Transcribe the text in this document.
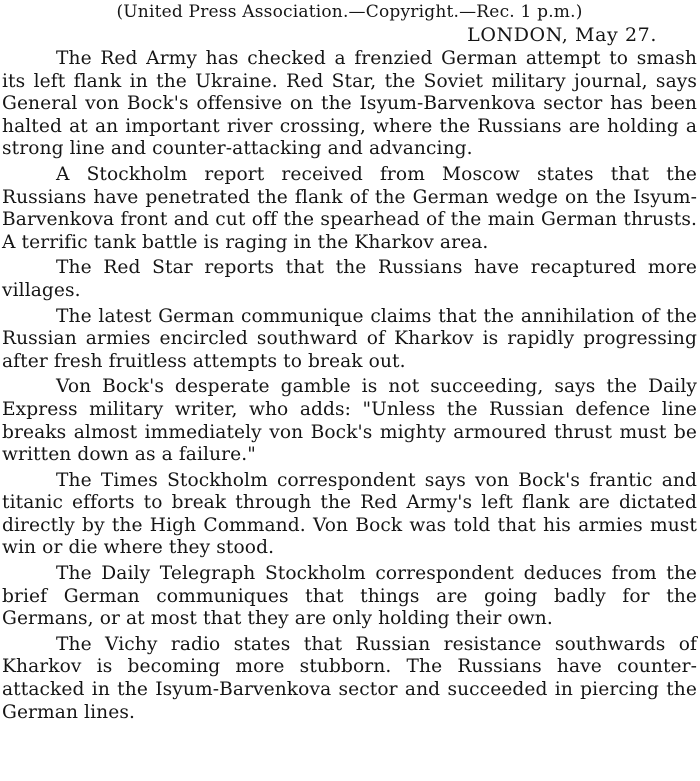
(United Press Association.—Copyright.—Rec. 1 p.m.)
LONDON, May 27.

The Red Army has checked a frenzied German attempt to smash its left flank in the Ukraine. Red Star, the Soviet military journal, says General von Bock's offensive on the Isyum-Barvenkova sector has been halted at an important river crossing, where the Russians are holding a strong line and counter-attacking and advancing.

A Stockholm report received from Moscow states that the Russians have penetrated the flank of the German wedge on the Isyum-Barvenkova front and cut off the spearhead of the main German thrusts. A terrific tank battle is raging in the Kharkov area.

The Red Star reports that the Russians have recaptured more villages.

The latest German communique claims that the annihilation of the Russian armies encircled southward of Kharkov is rapidly progressing after fresh fruitless attempts to break out.

Von Bock's desperate gamble is not succeeding, says the Daily Express military writer, who adds: "Unless the Russian defence line breaks almost immediately von Bock's mighty armoured thrust must be written down as a failure."

The Times Stockholm correspondent says von Bock's frantic and titanic efforts to break through the Red Army's left flank are dictated directly by the High Command. Von Bock was told that his armies must win or die where they stood.

The Daily Telegraph Stockholm correspondent deduces from the brief German communiques that things are going badly for the Germans, or at most that they are only holding their own.

The Vichy radio states that Russian resistance southwards of Kharkov is becoming more stubborn. The Russians have counter-attacked in the Isyum-Barvenkova sector and succeeded in piercing the German lines.
